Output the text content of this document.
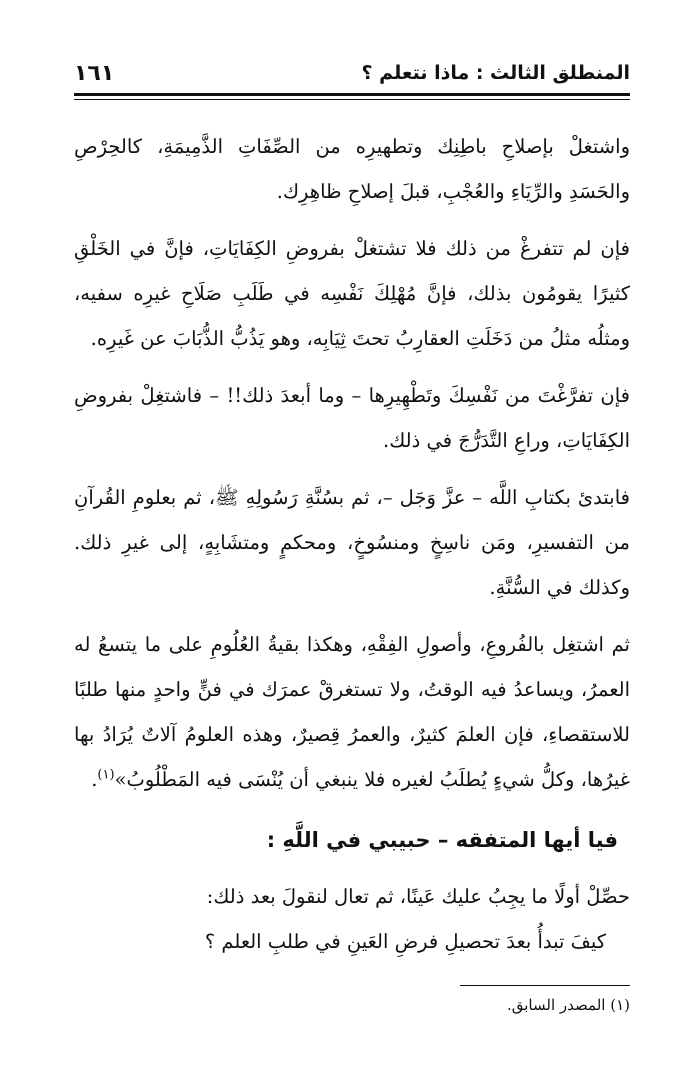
المنطلق الثالث : ماذا نتعلم ؟
١٦١

واشتغلْ بإصلاحِ باطِنِك وتطهيرِه من الصِّفَاتِ الذَّمِيمَةِ، كالحِرْصِ والحَسَدِ والرِّيَاءِ والعُجْبِ، قبلَ إصلاحِ ظاهِرِك.

فإن لم تتفرغْ من ذلك فلا تشتغلْ بفروضِ الكِفَايَاتِ، فإنَّ في الخَلْقِ كثيرًا يقومُون بذلك، فإنَّ مُهْلِكَ نَفْسِه في طَلَبِ صَلَاحِ غيرِه سفيه، ومثلُه مثلُ من دَخَلَتِ العقارِبُ تحتَ ثِيَابِه، وهو يَذُبُّ الذُّبَابَ عن غَيرِه.

فإن تفرَّغْتَ من نَفْسِكَ وتَطْهِيرِها – وما أبعدَ ذلك!! – فاشتغِلْ بفروضِ الكِفَايَاتِ، وراعِ التَّدَرُّجَ في ذلك.

فابتدئ بكتابِ اللَّه – عزَّ وَجَل –، ثم بسُنَّةِ رَسُولِهِ ﷺ، ثم بعلومِ القُرآنِ من التفسيرِ، ومَن ناسِخٍ ومنسُوخٍ، ومحكمٍ ومتشَابِهٍ، إلى غيرِ ذلك. وكذلك في السُّنَّةِ.

ثم اشتغِل بالفُروعِ، وأصولِ الفِقْهِ، وهكذا بقيةُ العُلُومِ على ما يتسعُ له العمرُ، ويساعدُ فيه الوقتُ، ولا تستغرقْ عمرَك في فنٍّ واحدٍ منها طلبًا للاستقصاءِ، فإن العلمَ كثيرٌ، والعمرُ قِصيرٌ، وهذه العلومُ آلاتٌ يُرَادُ بها غيرُها، وكلُّ شيءٍ يُطلَبُ لغيره فلا ينبغي أن يُنْسَى فيه المَطْلُوبُ»$^{(١)}$.

فيا أيها المتفقه – حبيبي في اللَّهِ :

حصِّلْ أولًا ما يجِبُ عليك عَينًا، ثم تعال لنقولَ بعد ذلك:

كيفَ تبدأُ بعدَ تحصيلِ فرضِ العَينِ في طلبِ العلم ؟

(١) المصدر السابق.
